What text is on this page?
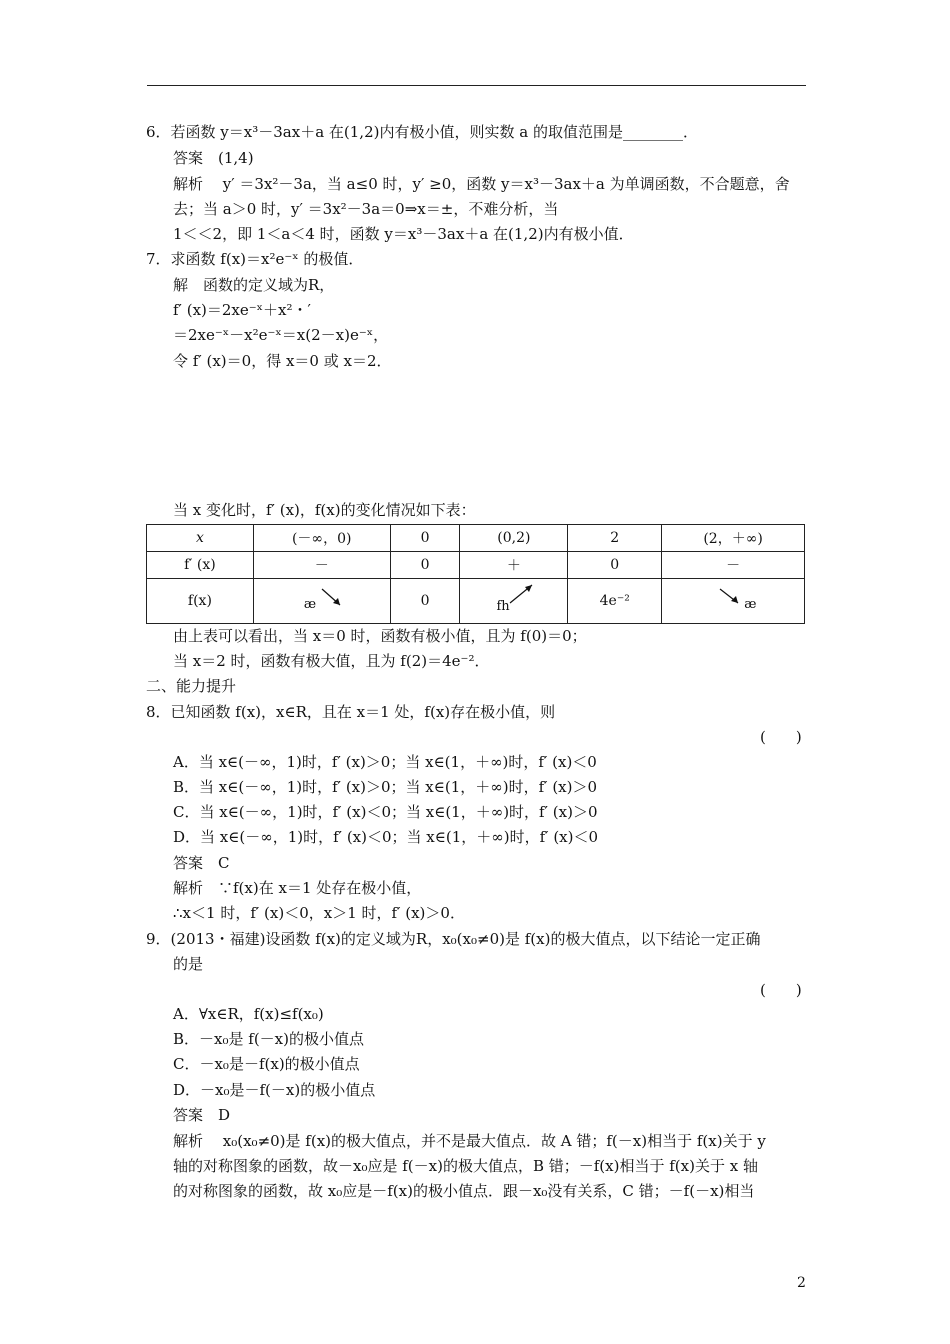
6．若函数 y＝x³－3ax＋a 在(1,2)内有极小值，则实数 a 的取值范围是________．
答案　(1,4)
解析　 y′ ＝3x²－3a，当 a≤0 时，y′ ≥0，函数 y＝x³－3ax＋a 为单调函数，不合题意，舍
去；当 a＞0 时，y′ ＝3x²－3a＝0⇒x＝±，不难分析，当
1＜＜2，即 1＜a＜4 时，函数 y＝x³－3ax＋a 在(1,2)内有极小值．
7．求函数 f(x)＝x²e⁻ˣ 的极值．
解　函数的定义域为R，
f′ (x)＝2xe⁻ˣ＋x²・′
＝2xe⁻ˣ－x²e⁻ˣ＝x(2－x)e⁻ˣ，
令 f′ (x)＝0，得 x＝0 或 x＝2．
当 x 变化时，f′ (x)，f(x)的变化情况如下表：
x	(－∞，0)	0	(0,2)	2	(2，＋∞)
f′ (x)	－	0	＋	0	－
f(x)	æ	0	fh	4e⁻²	æ
由上表可以看出，当 x＝0 时，函数有极小值，且为 f(0)＝0；
当 x＝2 时，函数有极大值，且为 f(2)＝4e⁻²．
二、能力提升
8．已知函数 f(x)，x∈R，且在 x＝1 处，f(x)存在极小值，则
(　　)
A．当 x∈(－∞，1)时，f′ (x)＞0；当 x∈(1，＋∞)时，f′ (x)＜0
B．当 x∈(－∞，1)时，f′ (x)＞0；当 x∈(1，＋∞)时，f′ (x)＞0
C．当 x∈(－∞，1)时，f′ (x)＜0；当 x∈(1，＋∞)时，f′ (x)＞0
D．当 x∈(－∞，1)时，f′ (x)＜0；当 x∈(1，＋∞)时，f′ (x)＜0
答案　C
解析　∵f(x)在 x＝1 处存在极小值，
∴x＜1 时，f′ (x)＜0，x＞1 时，f′ (x)＞0．
9．(2013・福建)设函数 f(x)的定义域为R，x₀(x₀≠0)是 f(x)的极大值点，以下结论一定正确
的是
(　　)
A．∀x∈R，f(x)≤f(x₀)
B．－x₀是 f(－x)的极小值点
C．－x₀是－f(x)的极小值点
D．－x₀是－f(－x)的极小值点
答案　D
解析　 x₀(x₀≠0)是 f(x)的极大值点，并不是最大值点．故 A 错；f(－x)相当于 f(x)关于 y
轴的对称图象的函数，故－x₀应是 f(－x)的极大值点，B 错；－f(x)相当于 f(x)关于 x 轴
的对称图象的函数，故 x₀应是－f(x)的极小值点．跟－x₀没有关系，C 错；－f(－x)相当
2
